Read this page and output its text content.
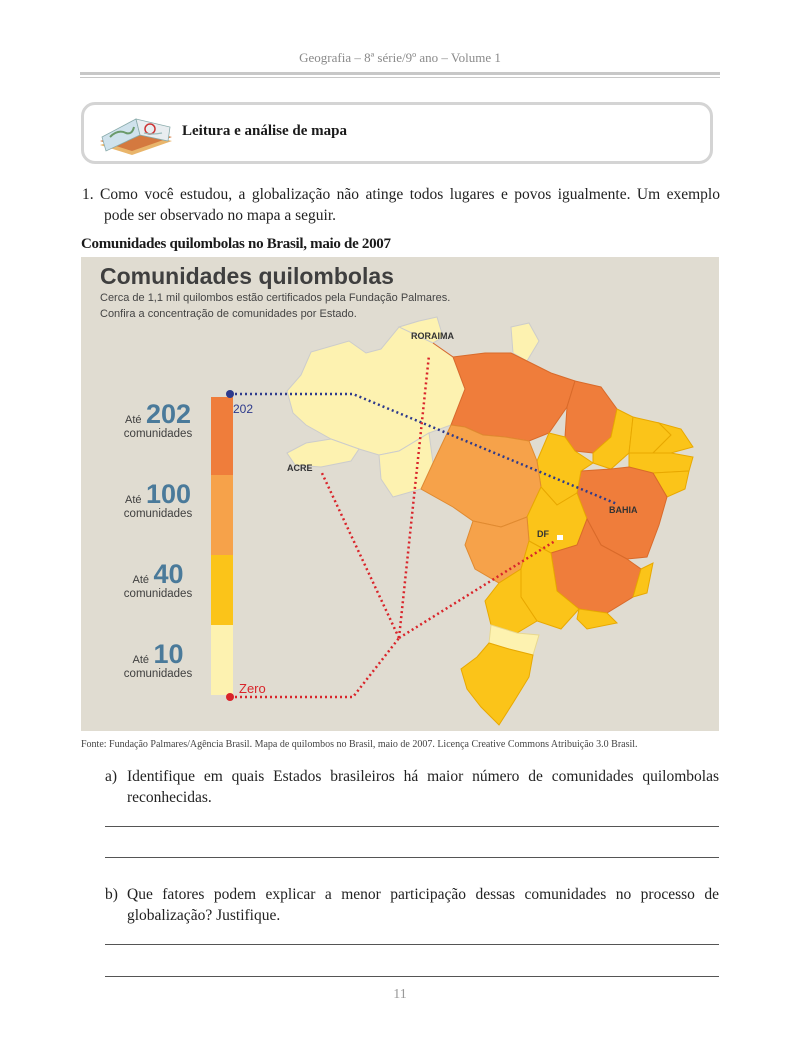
Geografia – 8ª série/9º ano – Volume 1
Leitura e análise de mapa
1. Como você estudou, a globalização não atinge todos lugares e povos igualmente. Um exemplo pode ser observado no mapa a seguir.
Comunidades quilombolas no Brasil, maio de 2007
Comunidades quilombolas
Cerca de 1,1 mil quilombos estão certificados pela Fundação Palmares.
Confira a concentração de comunidades por Estado.
202
Zero
RORAIMA
ACRE
DF
BAHIA
Até 202
comunidades
Até 100
comunidades
Até 40
comunidades
Até 10
comunidades
Fonte: Fundação Palmares/Agência Brasil. Mapa de quilombos no Brasil, maio de 2007. Licença Creative Commons Atribuição 3.0 Brasil.
a) Identifique em quais Estados brasileiros há maior número de comunidades quilombolas reconhecidas.
b) Que fatores podem explicar a menor participação dessas comunidades no processo de globalização? Justifique.
11
